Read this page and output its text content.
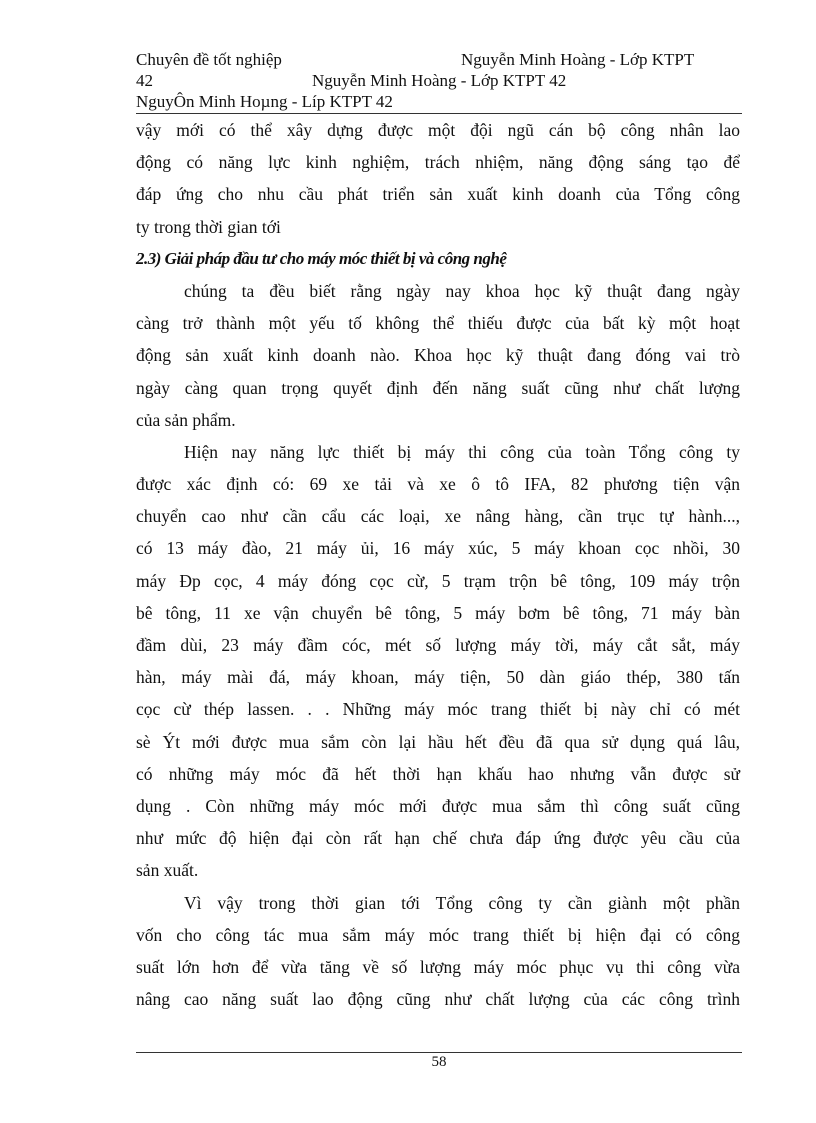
Chuyên đề tốt nghiệp	Nguyễn Minh Hoàng - Lớp KTPT
42	Nguyễn Minh Hoàng - Lớp KTPT 42
NguyÔn Minh Hoµng - Líp KTPT 42
vậy mới có thể xây dựng được một đội ngũ cán bộ công nhân lao
động có năng lực kinh nghiệm, trách nhiệm, năng động sáng tạo để
đáp ứng cho nhu cầu phát triển sản xuất kinh doanh của Tổng công
ty trong thời gian tới
2.3) Giải pháp đầu tư cho máy móc thiết bị và công nghệ
chúng ta đều biết rằng ngày nay khoa học kỹ thuật đang ngày
càng trở thành một yếu tố không thể thiếu được của bất kỳ một hoạt
động sản xuất kinh doanh nào. Khoa học kỹ thuật đang đóng vai trò
ngày càng quan trọng quyết định đến năng suất cũng như chất lượng
của sản phẩm.
Hiện nay năng lực thiết bị máy thi công của toàn Tổng công ty
được xác định có: 69 xe tải và xe ô tô IFA, 82 phương tiện vận
chuyển cao như cần cẩu các loại, xe nâng hàng, cần trục tự hành...,
có 13 máy đào, 21 máy ủi, 16 máy xúc, 5 máy khoan cọc nhồi, 30
máy Đp cọc, 4 máy đóng cọc cừ, 5 trạm trộn bê tông, 109 máy trộn
bê tông, 11 xe vận chuyển bê tông, 5 máy bơm bê tông, 71 máy bàn
đầm dùi, 23 máy đầm cóc, mét số lượng máy tời, máy cắt sắt, máy
hàn, máy mài đá, máy khoan, máy tiện, 50 dàn giáo thép, 380 tấn
cọc cừ thép lassen. . . Những máy móc trang thiết bị này chỉ có mét
sè Ýt mới được mua sắm còn lại hầu hết đều đã qua sử dụng quá lâu,
có những máy móc đã hết thời hạn khấu hao nhưng vẫn được sử
dụng . Còn những máy móc mới được mua sắm thì công suất cũng
như mức độ hiện đại còn rất hạn chế chưa đáp ứng được yêu cầu của
sản xuất.
Vì vậy trong thời gian tới Tổng công ty cần giành một phần
vốn cho công tác mua sắm máy móc trang thiết bị hiện đại có công
suất lớn hơn để vừa tăng về số lượng máy móc phục vụ thi công vừa
nâng cao năng suất lao động cũng như chất lượng của các công trình
58
